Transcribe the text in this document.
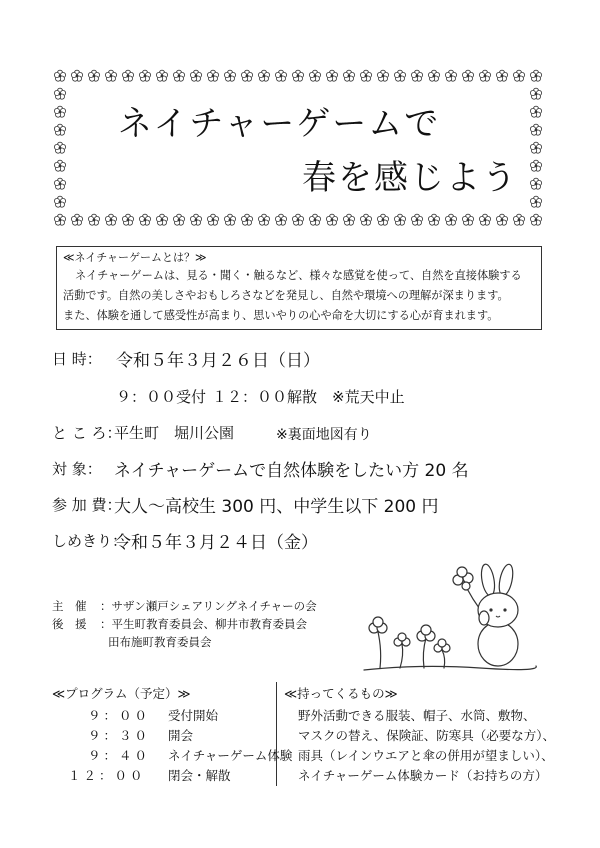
ネイチャーゲームで
春を感じよう
≪ネイチャーゲームとは？≫
ネイチャーゲームは、見る・聞く・触るなど、様々な感覚を使って、自然を直接体験する
活動です。自然の美しさやおもしろさなどを発見し、自然や環境への理解が深まります。
また、体験を通して感受性が高まり、思いやりの心や命を大切にする心が育まれます。
日 時： 令和５年３月２６日（日）
９：００受付 １２：００解散 ※荒天中止
と こ ろ：
平生町　堀川公園	※裏面地図有り
対 象： ネイチャーゲームで自然体験をしたい方 20 名
参 加 費：
大人～高校生 300 円、中学生以下 200 円
しめきり：
令和５年３月２４日（金）
主　催 ：サザン瀬戸シェアリングネイチャーの会
後　援 ：平生町教育委員会、柳井市教育委員会
田布施町教育委員会
≪プログラム（予定）≫
９：００ 受付開始
９：３０ 開会
９：４０ ネイチャーゲーム体験
１２：００ 閉会・解散
≪持ってくるもの≫
野外活動できる服装、帽子、水筒、敷物、
マスクの替え、保険証、防寒具（必要な方）、
雨具（レインウエアと傘の併用が望ましい）、
ネイチャーゲーム体験カード（お持ちの方）
